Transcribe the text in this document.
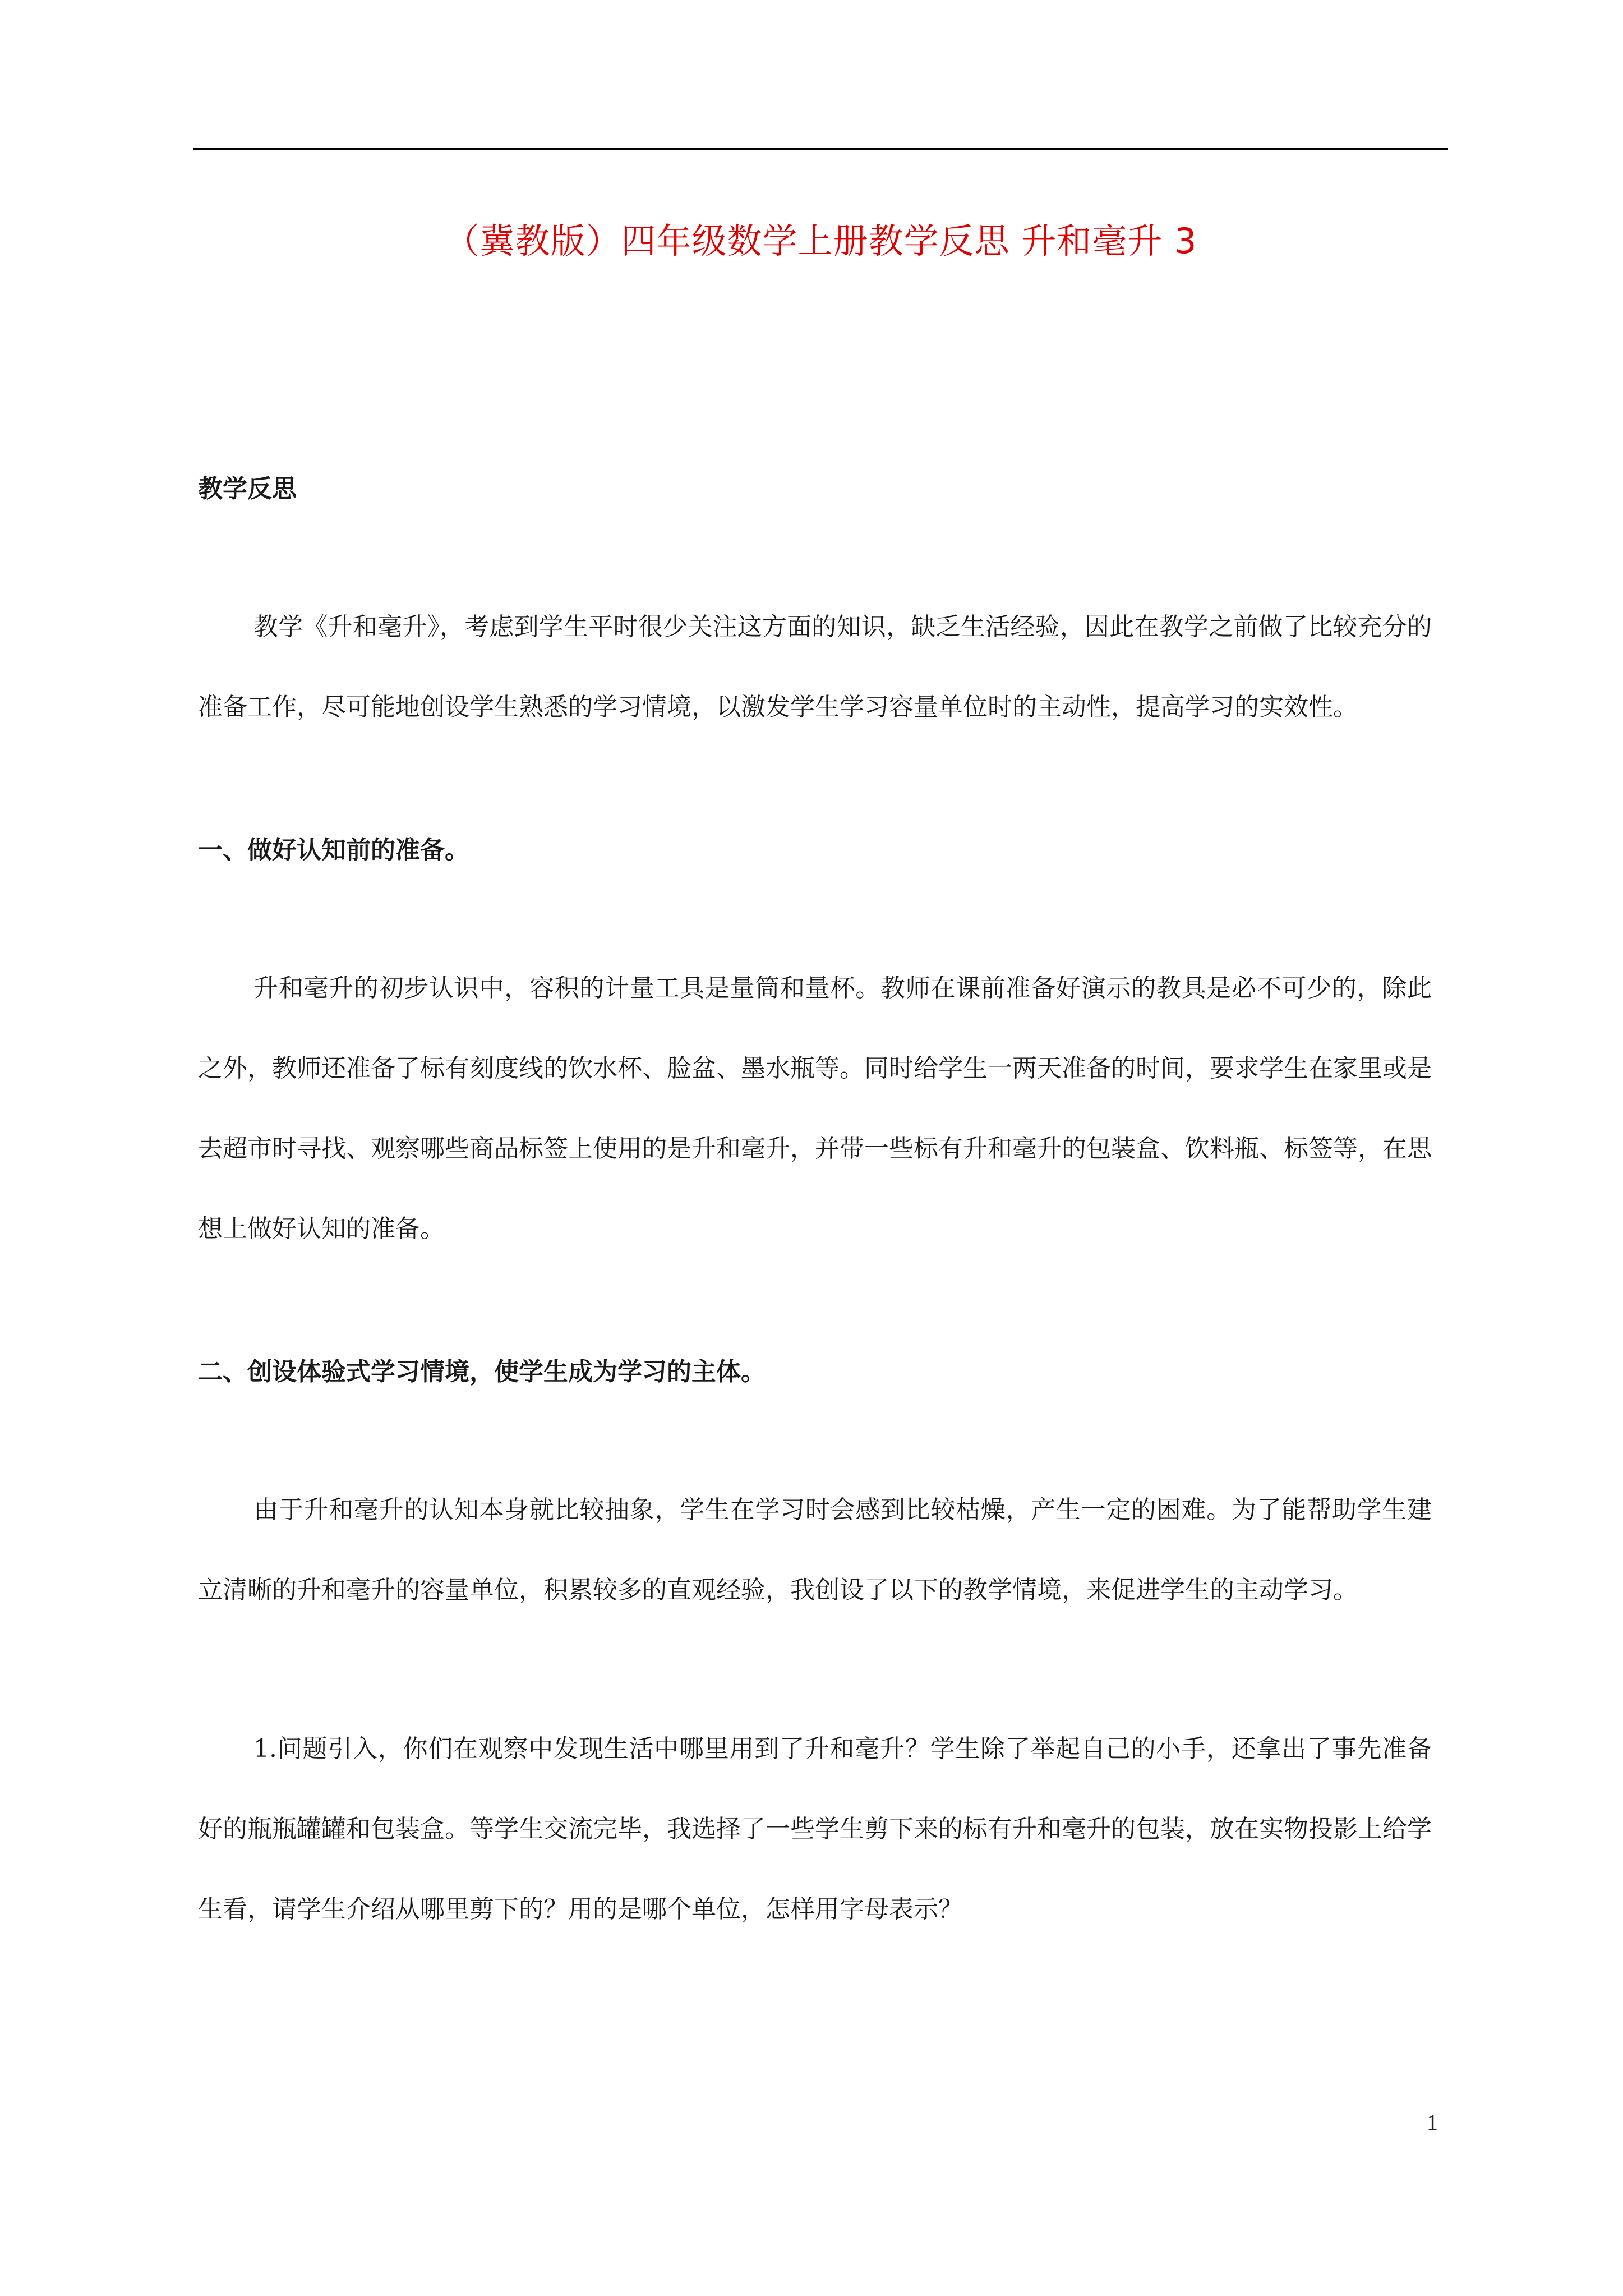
（冀教版）四年级数学上册教学反思 升和毫升 3

教学反思

教学《升和毫升》，考虑到学生平时很少关注这方面的知识，缺乏生活经验，因此在教学之前做了比较充分的准备工作，尽可能地创设学生熟悉的学习情境，以激发学生学习容量单位时的主动性，提高学习的实效性。

一、做好认知前的准备。

升和毫升的初步认识中，容积的计量工具是量筒和量杯。教师在课前准备好演示的教具是必不可少的，除此之外，教师还准备了标有刻度线的饮水杯、脸盆、墨水瓶等。同时给学生一两天准备的时间，要求学生在家里或是去超市时寻找、观察哪些商品标签上使用的是升和毫升，并带一些标有升和毫升的包装盒、饮料瓶、标签等，在思想上做好认知的准备。

二、创设体验式学习情境，使学生成为学习的主体。

由于升和毫升的认知本身就比较抽象，学生在学习时会感到比较枯燥，产生一定的困难。为了能帮助学生建立清晰的升和毫升的容量单位，积累较多的直观经验，我创设了以下的教学情境，来促进学生的主动学习。

1.问题引入，你们在观察中发现生活中哪里用到了升和毫升？学生除了举起自己的小手，还拿出了事先准备好的瓶瓶罐罐和包装盒。等学生交流完毕，我选择了一些学生剪下来的标有升和毫升的包装，放在实物投影上给学生看，请学生介绍从哪里剪下的？用的是哪个单位，怎样用字母表示？

1
